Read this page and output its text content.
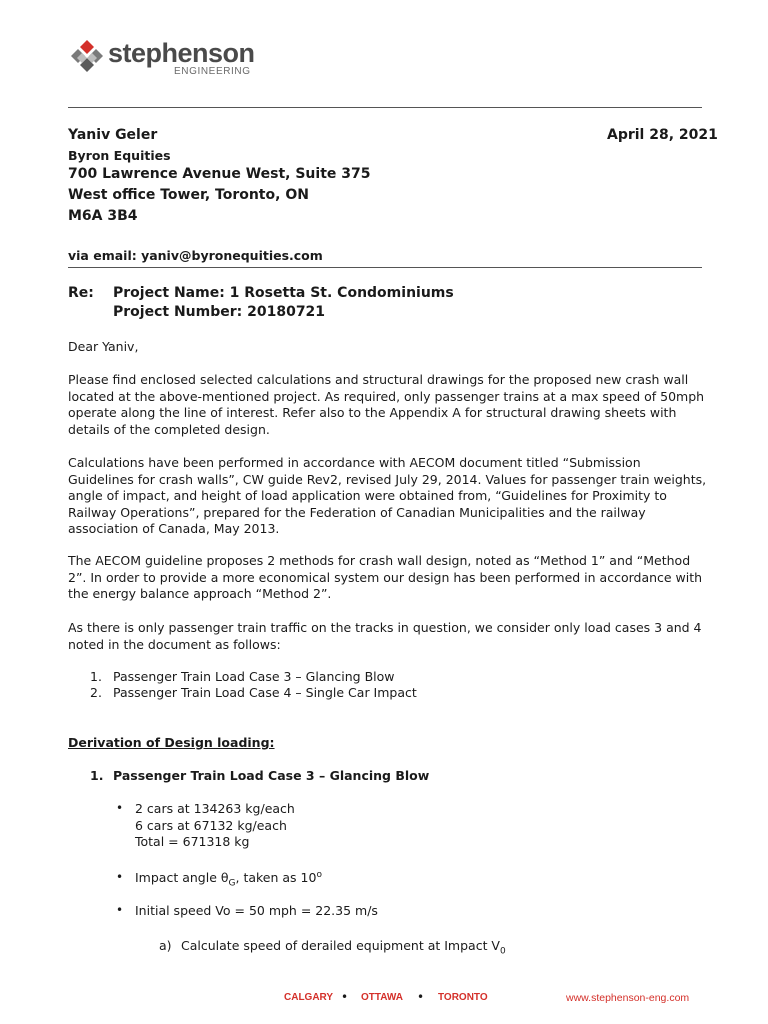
stephenson
ENGINEERING
Yaniv Geler	April 28, 2021
Byron Equities
700 Lawrence Avenue West, Suite 375
West office Tower, Toronto, ON
M6A 3B4
via email: yaniv@byronequities.com
Re: Project Name: 1 Rosetta St. Condominiums
Project Number: 20180721
Dear Yaniv,

Please find enclosed selected calculations and structural drawings for the proposed new crash wall located at the above-mentioned project. As required, only passenger trains at a max speed of 50mph operate along the line of interest. Refer also to the Appendix A for structural drawing sheets with details of the completed design.

Calculations have been performed in accordance with AECOM document titled “Submission Guidelines for crash walls”, CW guide Rev2, revised July 29, 2014. Values for passenger train weights, angle of impact, and height of load application were obtained from, “Guidelines for Proximity to Railway Operations”, prepared for the Federation of Canadian Municipalities and the railway association of Canada, May 2013.

The AECOM guideline proposes 2 methods for crash wall design, noted as “Method 1” and “Method 2”. In order to provide a more economical system our design has been performed in accordance with the energy balance approach “Method 2”.

As there is only passenger train traffic on the tracks in question, we consider only load cases 3 and 4 noted in the document as follows:

1. Passenger Train Load Case 3 – Glancing Blow
2. Passenger Train Load Case 4 – Single Car Impact
Derivation of Design loading:
1. Passenger Train Load Case 3 – Glancing Blow
• 2 cars at 134263 kg/each
6 cars at 67132 kg/each
Total = 671318 kg
• Impact angle $\theta_G$, taken as 10$^o$
• Initial speed Vo = 50 mph = 22.35 m/s
a) Calculate speed of derailed equipment at Impact $V_0$
CALGARY • OTTAWA • TORONTO	www.stephenson-eng.com
